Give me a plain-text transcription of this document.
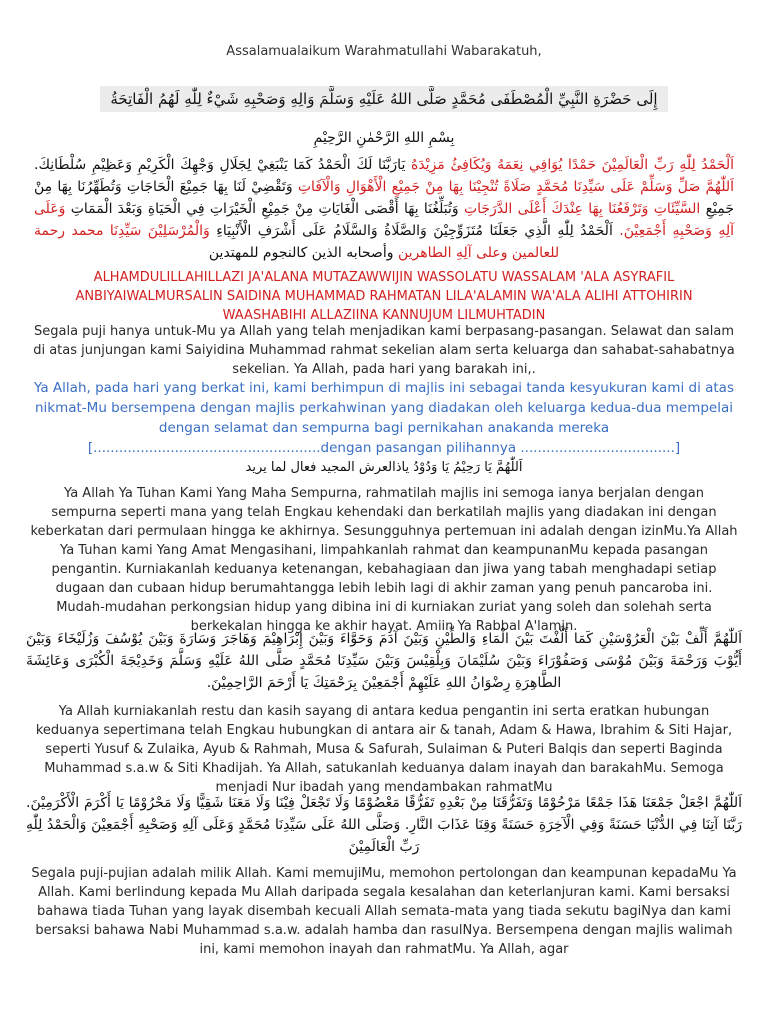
Assalamualaikum Warahmatullahi Wabarakatuh,
إِلَى حَضْرَةِ النَّبِيِّ الْمُصْطَفَى مُحَمَّدٍ صَلَّى اللهُ عَلَيْهِ وَسَلَّمَ وَالِهِ وَصَحْبِهِ شَيْءٌ لِلّٰهِ لَهُمُ الْفَاتِحَةُ
بِسْمِ اللهِ الرَّحْمٰنِ الرَّحِيْمِ
اَلْحَمْدُ لِلّٰهِ رَبِّ الْعَالَمِيْنَ حَمْدًا يُوَافِي نِعَمَهُ وَيُكَافِئُ مَزِيْدَهُ يَارَبَّنَا لَكَ الْحَمْدُ كَمَا يَنْبَغِيْ لِجَلَالِ وَجْهِكَ الْكَرِيْمِ وَعَظِيْمِ سُلْطَانِكَ. اَللّٰهُمَّ صَلِّ وَسَلِّمْ عَلَى سَيِّدِنَا مُحَمَّدٍ صَلَاةً تُنْجِيْنَا بِهَا مِنْ جَمِيْعِ الْأَهْوَالِ وَالْآفَاتِ وَتَقْضِيْ لَنَا بِهَا جَمِيْعَ الْحَاجَاتِ وَتُطَهِّرُنَا بِهَا مِنْ جَمِيْعِ السَّيِّئَاتِ وَتَرْفَعُنَا بِهَا عِنْدَكَ أَعْلَى الدَّرَجَاتِ وَتُبَلِّغُنَا بِهَا أَقْصَى الْغَايَاتِ مِنْ جَمِيْعِ الْخَيْرَاتِ فِي الْحَيَاةِ وَبَعْدَ الْمَمَاتِ وَعَلَى آلِهِ وَصَحْبِهِ أَجْمَعِيْنَ. اَلْحَمْدُ لِلّٰهِ الَّذِي جَعَلَنَا مُتَزَوِّجِيْنَ وَالصَّلَاةُ وَالسَّلَامُ عَلَى أَشْرَفِ الْأَنْبِيَاءِ وَالْمُرْسَلِيْنَ سَيِّدِنَا محمد رحمة للعالمين وعلى آلِهِ الطاهرين وأصحابه الذين كالنجوم للمهتدين
ALHAMDULILLAHILLAZI JA'ALANA MUTAZAWWIJIN WASSOLATU WASSALAM 'ALA ASYRAFIL ANBIYAIWALMURSALIN SAIDINA MUHAMMAD RAHMATAN LILA'ALAMIN WA'ALA ALIHI ATTOHIRIN WAASHABIHI ALLAZIINA KANNUJUM LILMUHTADIN
Segala puji hanya untuk-Mu ya Allah yang telah menjadikan kami berpasang-pasangan. Selawat dan salam di atas junjungan kami Saiyidina Muhammad rahmat sekelian alam serta keluarga dan sahabat-sahabatnya sekelian. Ya Allah, pada hari yang barakah ini,.
Ya Allah, pada hari yang berkat ini, kami berhimpun di majlis ini sebagai tanda kesyukuran kami di atas nikmat-Mu bersempena dengan majlis perkahwinan yang diadakan oleh keluarga kedua-dua mempelai dengan selamat dan sempurna bagi pernikahan anakanda mereka [.....................................................dengan pasangan pilihannya ....................................]
اَللّٰهُمَّ يَا رَحِيْمُ يَا وَدُوْدُ ياذالعرش المجيد فعال لما يريد
Ya Allah Ya Tuhan Kami Yang Maha Sempurna, rahmatilah majlis ini semoga ianya berjalan dengan sempurna seperti mana yang telah Engkau kehendaki dan berkatilah majlis yang diadakan ini dengan keberkatan dari permulaan hingga ke akhirnya. Sesungguhnya pertemuan ini adalah dengan izinMu.Ya Allah Ya Tuhan kami Yang Amat Mengasihani, limpahkanlah rahmat dan keampunanMu kepada pasangan pengantin. Kurniakanlah keduanya ketenangan, kebahagiaan dan jiwa yang tabah menghadapi setiap dugaan dan cubaan hidup berumahtangga lebih lebih lagi di akhir zaman yang penuh pancaroba ini. Mudah-mudahan perkongsian hidup yang dibina ini di kurniakan zuriat yang soleh dan solehah serta berkekalan hingga ke akhir hayat. Amiin Ya Rabbal A'lamin.
اَللّٰهُمَّ أَلِّفْ بَيْنَ الْعَرُوْسَيْنِ كَمَا أَلَّفْتَ بَيْنَ الْمَاءِ وَالطِّيْنِ وَبَيْنَ آدَمَ وَحَوَّاءَ وَبَيْنَ إِبْرَاهِيْمَ وَهَاجَرَ وَسَارَةَ وَبَيْنَ يُوْسُفَ وَزُلَيْخَاءَ وَبَيْنَ أَيُّوْبَ وَرَحْمَةَ وَبَيْنَ مُوْسَى وَصَفُوْرَاءَ وَبَيْنَ سُلَيْمَانَ وَبِلْقِيْسَ وَبَيْنَ سَيِّدِنَا مُحَمَّدٍ صَلَّى اللهُ عَلَيْهِ وَسَلَّمَ وَخَدِيْجَةَ الْكُبْرَى وَعَائِشَةَ الطَّاهِرَةِ رِضْوَانُ اللهِ عَلَيْهِمْ أَجْمَعِيْنَ بِرَحْمَتِكَ يَا أَرْحَمَ الرَّاحِمِيْنَ.
Ya Allah kurniakanlah restu dan kasih sayang di antara kedua pengantin ini serta eratkan hubungan keduanya sepertimana telah Engkau hubungkan di antara air & tanah, Adam & Hawa, Ibrahim & Siti Hajar, seperti Yusuf & Zulaika, Ayub & Rahmah, Musa & Safurah, Sulaiman & Puteri Balqis dan seperti Baginda Muhammad s.a.w & Siti Khadijah. Ya Allah, satukanlah keduanya dalam inayah dan barakahMu. Semoga menjadi Nur ibadah yang mendambakan rahmatMu
اَللّٰهُمَّ اجْعَلْ جَمْعَنَا هَذَا جَمْعًا مَرْحُوْمًا وَتَفَرُّقَنَا مِنْ بَعْدِهِ تَفَرُّقًا مَعْصُوْمًا وَلَا تَجْعَلْ فِيْنَا وَلَا مَعَنَا شَقِيًّا وَلَا مَحْرُوْمًا يَا أَكْرَمَ الْأَكْرَمِيْنَ. رَبَّنَا آتِنَا فِي الدُّنْيَا حَسَنَةً وَفِي الْآخِرَةِ حَسَنَةً وَقِنَا عَذَابَ النَّارِ. وَصَلَّى اللهُ عَلَى سَيِّدِنَا مُحَمَّدٍ وَعَلَى آلِهِ وَصَحْبِهِ أَجْمَعِيْنَ وَالْحَمْدُ لِلّٰهِ رَبِّ الْعَالَمِيْنَ
Segala puji-pujian adalah milik Allah. Kami memujiMu, memohon pertolongan dan keampunan kepadaMu Ya Allah. Kami berlindung kepada Mu Allah daripada segala kesalahan dan keterlanjuran kami. Kami bersaksi bahawa tiada Tuhan yang layak disembah kecuali Allah semata-mata yang tiada sekutu bagiNya dan kami bersaksi bahawa Nabi Muhammad s.a.w. adalah hamba dan rasulNya. Bersempena dengan majlis walimah ini, kami memohon inayah dan rahmatMu. Ya Allah, agar
